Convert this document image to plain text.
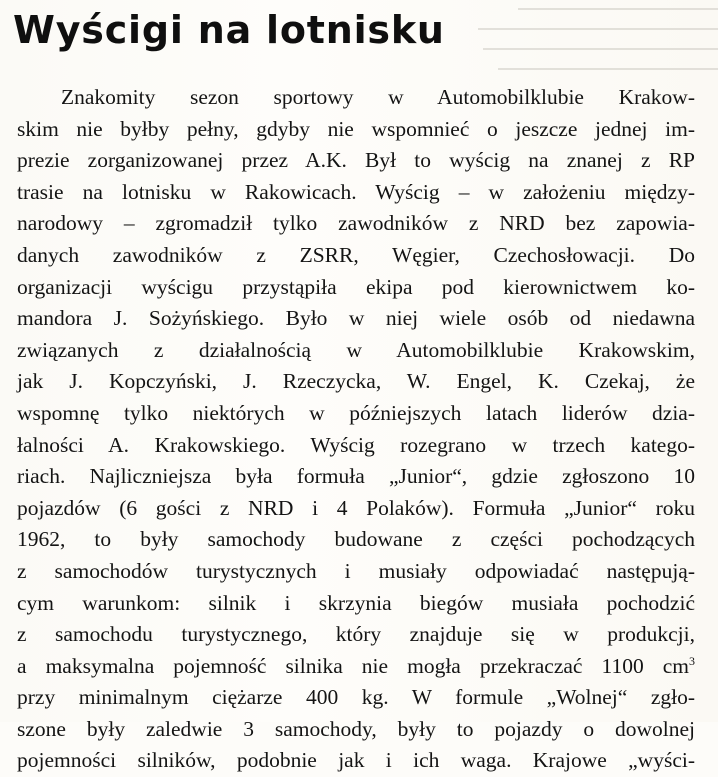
Wyścigi na lotnisku
Znakomity sezon sportowy w Automobilklubie Krakow-
skim nie byłby pełny, gdyby nie wspomnieć o jeszcze jednej im-
prezie zorganizowanej przez A.K. Był to wyścig na znanej z RP
trasie na lotnisku w Rakowicach. Wyścig – w założeniu między-
narodowy – zgromadził tylko zawodników z NRD bez zapowia-
danych zawodników z ZSRR, Węgier, Czechosłowacji. Do
organizacji wyścigu przystąpiła ekipa pod kierownictwem ko-
mandora J. Sożyńskiego. Było w niej wiele osób od niedawna
związanych z działalnością w Automobilklubie Krakowskim,
jak J. Kopczyński, J. Rzeczycka, W. Engel, K. Czekaj, że
wspomnę tylko niektórych w późniejszych latach liderów dzia-
łalności A. Krakowskiego. Wyścig rozegrano w trzech katego-
riach. Najliczniejsza była formuła „Junior“, gdzie zgłoszono 10
pojazdów (6 gości z NRD i 4 Polaków). Formuła „Junior“ roku
1962, to były samochody budowane z części pochodzących
z samochodów turystycznych i musiały odpowiadać następują-
cym warunkom: silnik i skrzynia biegów musiała pochodzić
z samochodu turystycznego, który znajduje się w produkcji,
a maksymalna pojemność silnika nie mogła przekraczać 1100 $cm^3$
przy minimalnym ciężarze 400 kg. W formule „Wolnej“ zgło-
szone były zaledwie 3 samochody, były to pojazdy o dowolnej
pojemności silników, podobnie jak i ich waga. Krajowe „wyści-
